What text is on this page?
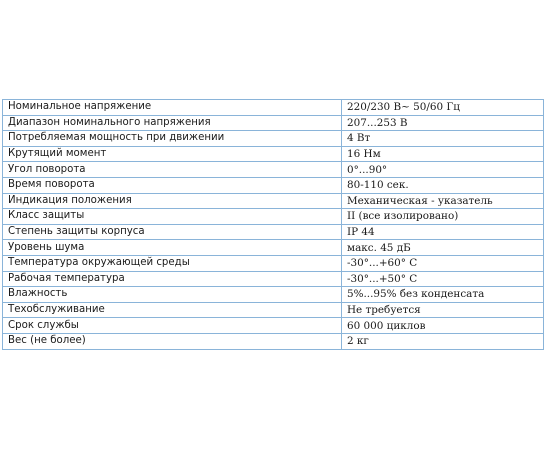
Номинальное напряжение	220/230 В~ 50/60 Гц
Диапазон номинального напряжения	207...253 В
Потребляемая мощность при движении	4 Вт
Крутящий момент	16 Нм
Угол поворота	0°...90°
Время поворота	80-110 сек.
Индикация положения	Механическая - указатель
Класс защиты	II (все изолировано)
Степень защиты корпуса	IP 44
Уровень шума	макс. 45 дБ
Температура окружающей среды	-30°...+60° С
Рабочая температура	-30°...+50° С
Влажность	5%...95% без конденсата
Техобслуживание	Не требуется
Срок службы	60 000 циклов
Вес (не более)	2 кг
